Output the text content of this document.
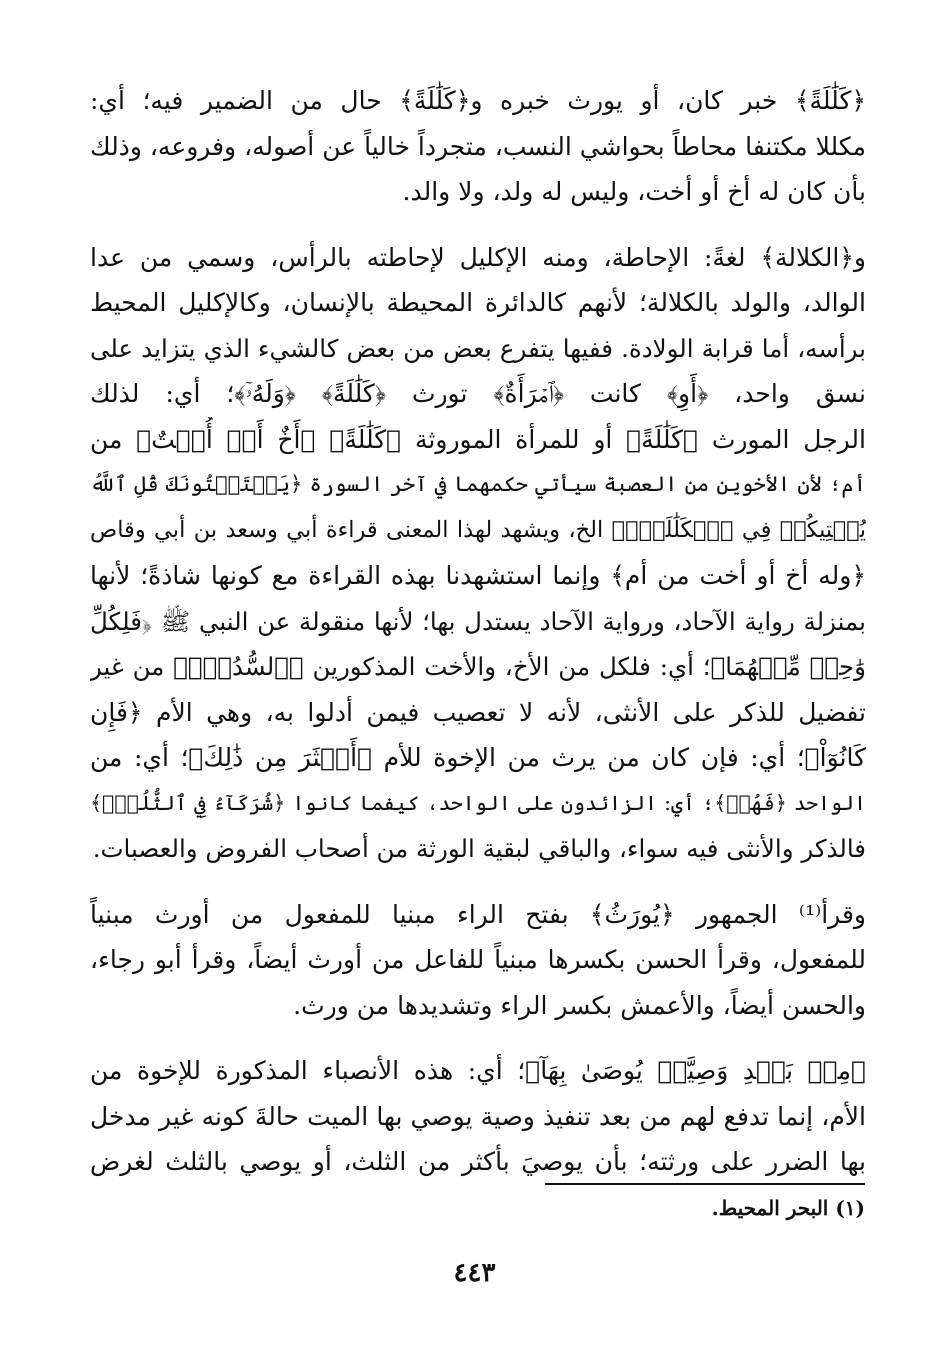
﴿كَلَٰلَةً﴾ خبر كان، أو يورث خبره و﴿كَلَٰلَةً﴾ حال من الضمير فيه؛ أي:
مكللا مكتنفا محاطاً بحواشي النسب، متجرداً خالياً عن أصوله، وفروعه، وذلك
بأن كان له أخ أو أخت، وليس له ولد، ولا والد.

و﴿الكلالة﴾ لغةً: الإحاطة، ومنه الإكليل لإحاطته بالرأس، وسمي من عدا
الوالد، والولد بالكلالة؛ لأنهم كالدائرة المحيطة بالإنسان، وكالإكليل المحيط
برأسه، أما قرابة الولادة. ففيها يتفرع بعض من بعض كالشيء الذي يتزايد على
نسق واحد، ﴿أَوِ﴾ كانت ﴿ٱمۡرَأَةٌ﴾ تورث ﴿كَلَٰلَةً﴾ ﴿وَلَهُۥٓ﴾؛ أي: لذلك
الرجل المورث ﴿كَلَٰلَةً﴾ أو للمرأة الموروثة ﴿كَلَٰلَةً﴾ ﴿أَخٌ أَوۡ أُخۡتٌ﴾ من
أم؛ لأن الأخوين من العصبة سيأتي حكمهما في آخر السورة ﴿يَسۡتَفۡتُونَكَ قُلِ ٱللَّهُ
يُفۡتِيكُمۡ فِي ٱلۡكَلَٰلَةِۚ﴾ الخ، ويشهد لهذا المعنى قراءة أبي وسعد بن أبي وقاص
﴿وله أخ أو أخت من أم﴾ وإنما استشهدنا بهذه القراءة مع كونها شاذةً؛ لأنها
بمنزلة رواية الآحاد، ورواية الآحاد يستدل بها؛ لأنها منقولة عن النبي ﷺ ﴿فَلِكُلِّ
وَٰحِدٖ مِّنۡهُمَا﴾؛ أي: فلكل من الأخ، والأخت المذكورين ﴿ٱلسُّدُسُۚ﴾ من غير
تفضيل للذكر على الأنثى، لأنه لا تعصيب فيمن أدلوا به، وهي الأم ﴿فَإِن
كَانُوٓاْ﴾؛ أي: فإن كان من يرث من الإخوة للأم ﴿أَكۡثَرَ مِن ذَٰلِكَ﴾؛ أي: من
الواحد ﴿فَهُمۡ﴾؛ أي: الزائدون على الواحد، كيفما كانوا ﴿شُرَكَآءُ فِي ٱلثُّلُثِۚ﴾
فالذكر والأنثى فيه سواء، والباقي لبقية الورثة من أصحاب الفروض والعصبات.

وقرأ⁽¹⁾ الجمهور ﴿يُورَثُ﴾ بفتح الراء مبنيا للمفعول من أورث مبنياً
للمفعول، وقرأ الحسن بكسرها مبنياً للفاعل من أورث أيضاً، وقرأ أبو رجاء،
والحسن أيضاً، والأعمش بكسر الراء وتشديدها من ورث.

﴿مِنۢ بَعۡدِ وَصِيَّةٖ يُوصَىٰ بِهَآ﴾؛ أي: هذه الأنصباء المذكورة للإخوة من
الأم، إنما تدفع لهم من بعد تنفيذ وصية يوصي بها الميت حالةَ كونه غير مدخل
بها الضرر على ورثته؛ بأن يوصيَ بأكثر من الثلث، أو يوصي بالثلث لغرض

(١) البحر المحيط.
٤٤٣
